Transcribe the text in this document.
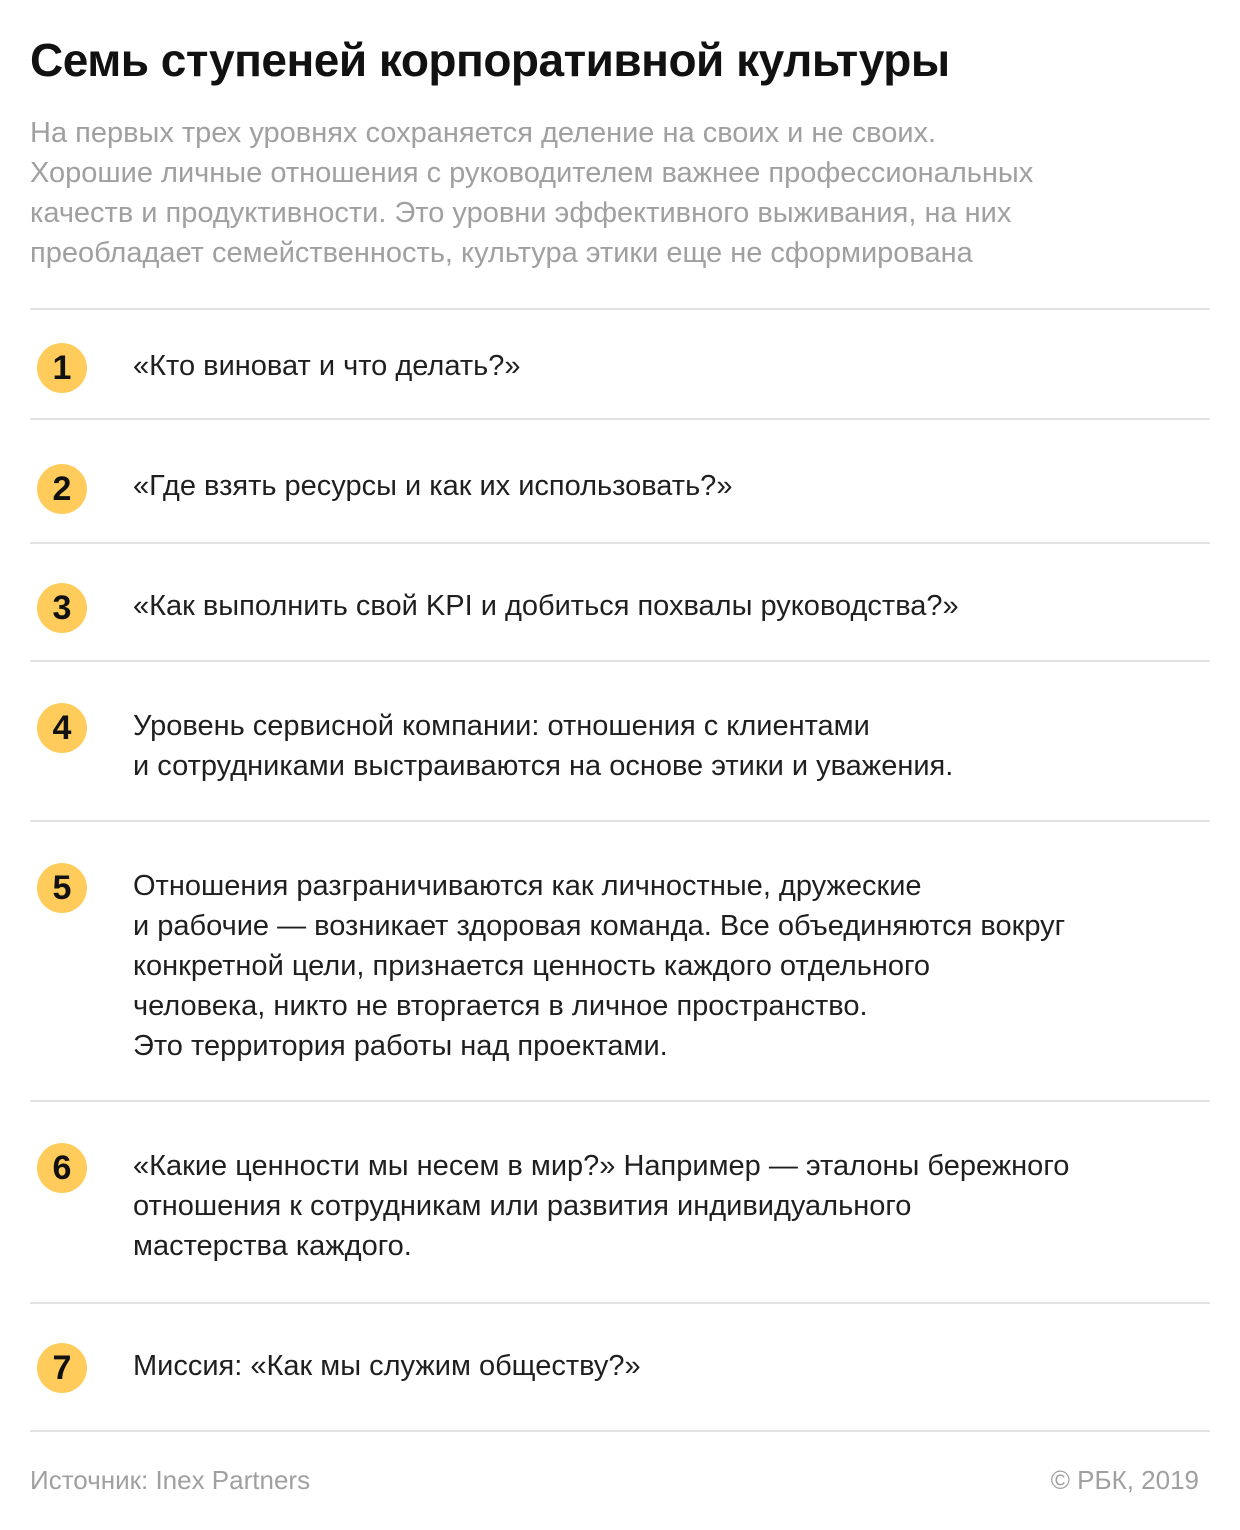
Семь ступеней корпоративной культуры

На первых трех уровнях сохраняется деление на своих и не своих.
Хорошие личные отношения с руководителем важнее профессиональных
качеств и продуктивности. Это уровни эффективного выживания, на них
преобладает семейственность, культура этики еще не сформирована

1	«Кто виноват и что делать?»

2	«Где взять ресурсы и как их использовать?»

3	«Как выполнить свой KPI и добиться похвалы руководства?»

4	Уровень сервисной компании: отношения с клиентами
и сотрудниками выстраиваются на основе этики и уважения.

5	Отношения разграничиваются как личностные, дружеские
и рабочие — возникает здоровая команда. Все объединяются вокруг
конкретной цели, признается ценность каждого отдельного
человека, никто не вторгается в личное пространство.
Это территория работы над проектами.

6	«Какие ценности мы несем в мир?» Например — эталоны бережного
отношения к сотрудникам или развития индивидуального
мастерства каждого.

7	Миссия: «Как мы служим обществу?»

Источник: Inex Partners	© РБК, 2019
